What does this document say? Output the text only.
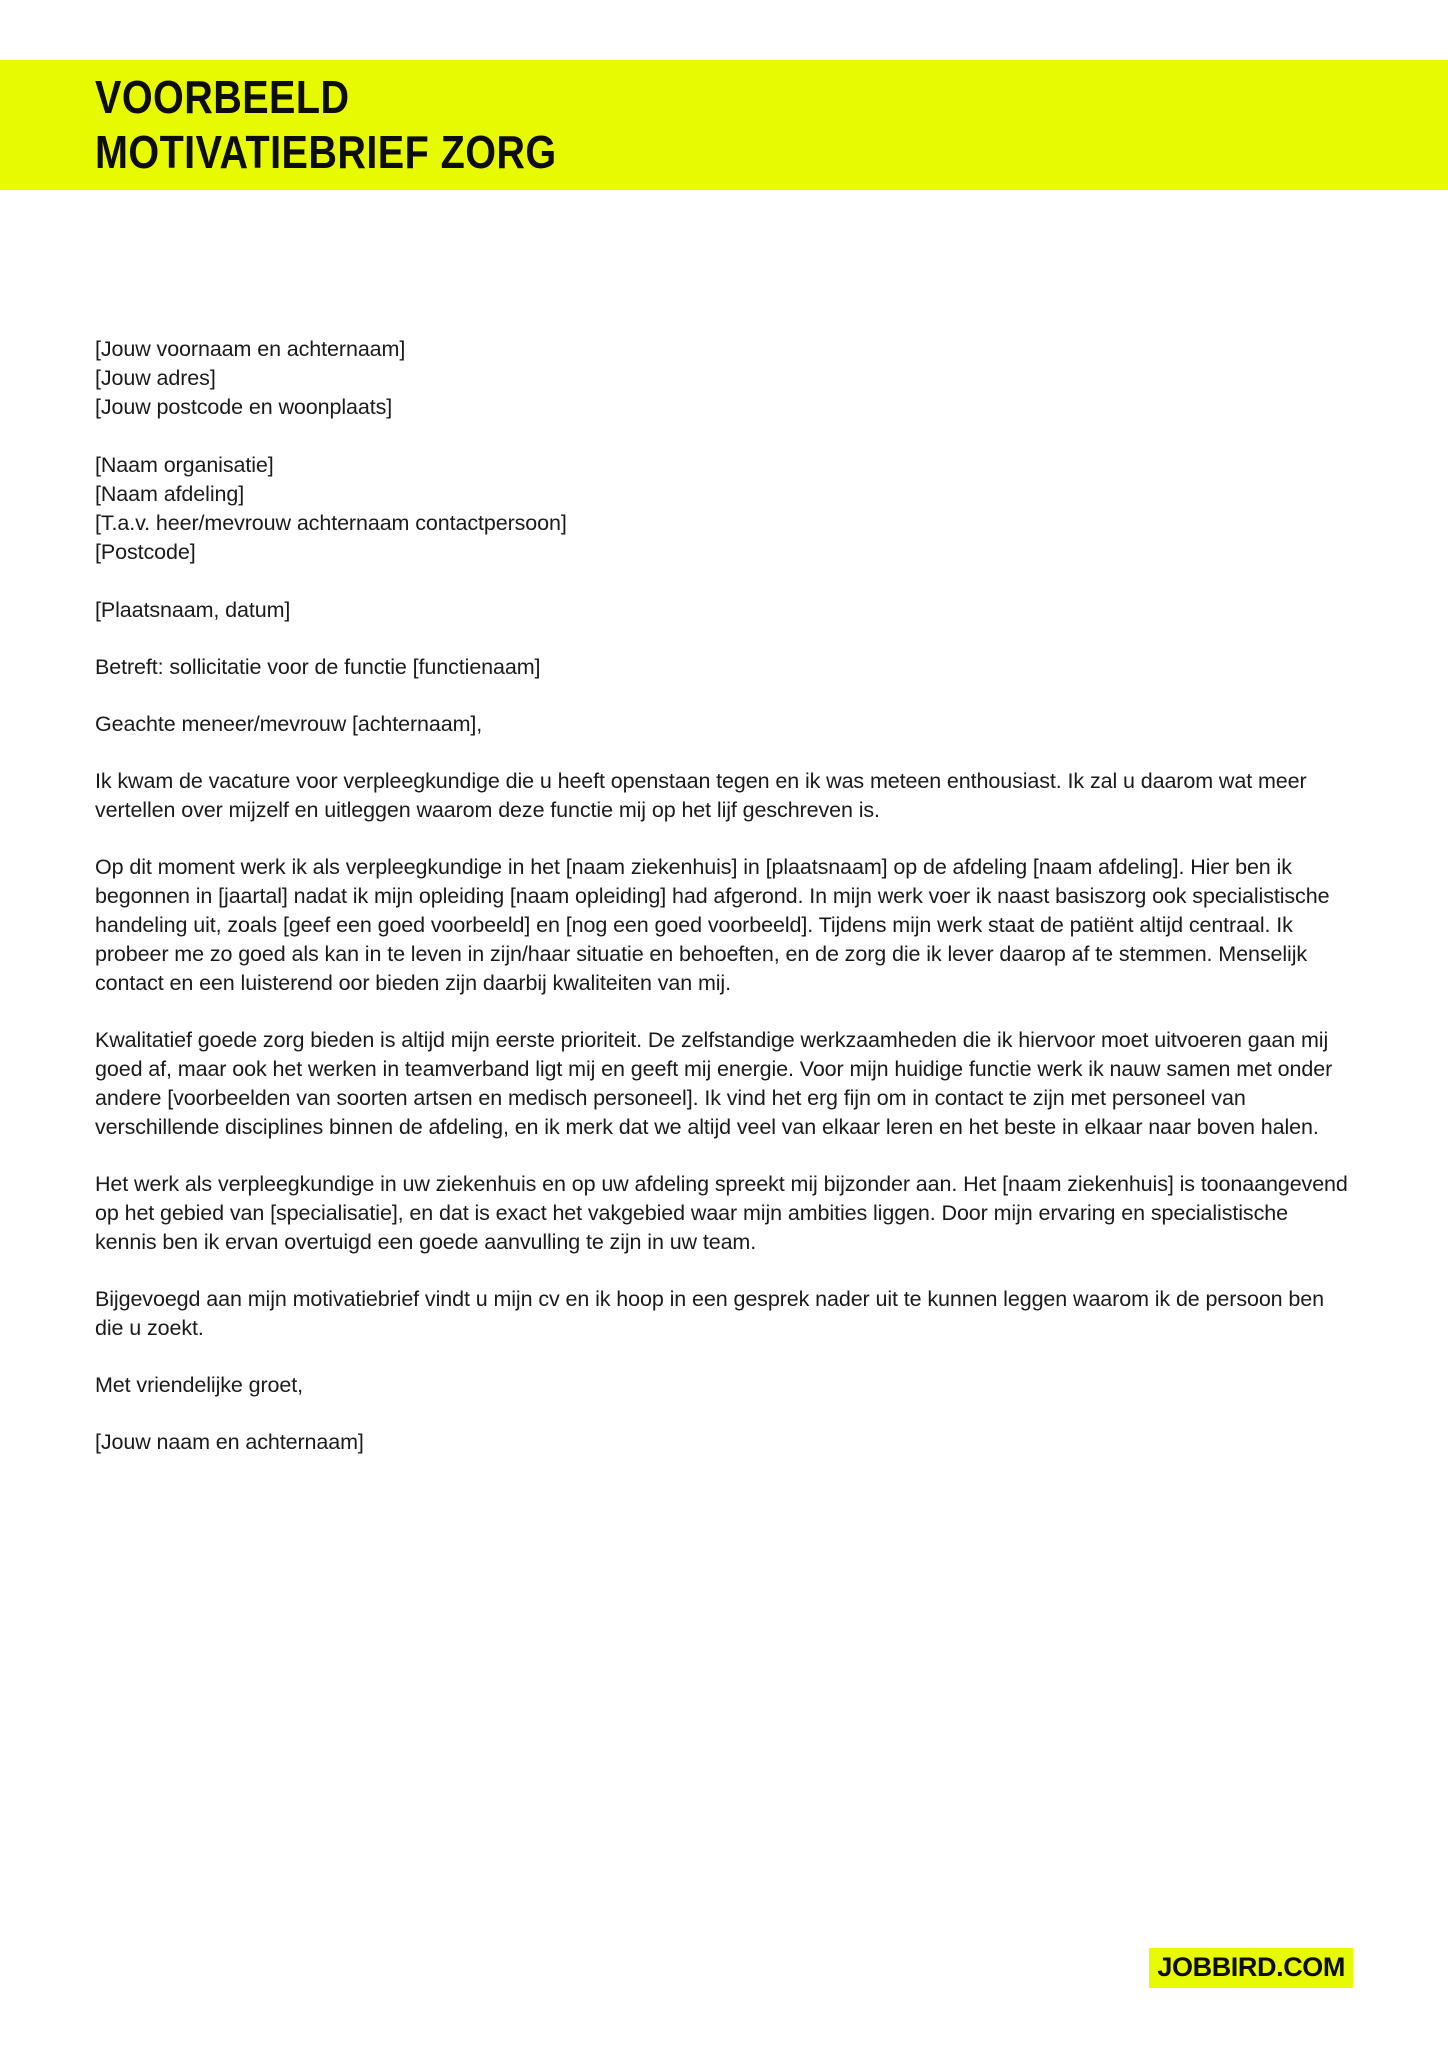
VOORBEELD
MOTIVATIEBRIEF ZORG
[Jouw voornaam en achternaam]
[Jouw adres]
[Jouw postcode en woonplaats]
[Naam organisatie]
[Naam afdeling]
[T.a.v. heer/mevrouw achternaam contactpersoon]
[Postcode]

[Plaatsnaam, datum]

Betreft: sollicitatie voor de functie [functienaam]

Geachte meneer/mevrouw [achternaam],

Ik kwam de vacature voor verpleegkundige die u heeft openstaan tegen en ik was meteen enthousiast. Ik zal u daarom wat meer vertellen over mijzelf en uitleggen waarom deze functie mij op het lijf geschreven is.

Op dit moment werk ik als verpleegkundige in het [naam ziekenhuis] in [plaatsnaam] op de afdeling [naam afdeling]. Hier ben ik begonnen in [jaartal] nadat ik mijn opleiding [naam opleiding] had afgerond. In mijn werk voer ik naast basiszorg ook specialistische handeling uit, zoals [geef een goed voorbeeld] en [nog een goed voorbeeld]. Tijdens mijn werk staat de patiënt altijd centraal. Ik probeer me zo goed als kan in te leven in zijn/haar situatie en behoeften, en de zorg die ik lever daarop af te stemmen. Menselijk contact en een luisterend oor bieden zijn daarbij kwaliteiten van mij.

Kwalitatief goede zorg bieden is altijd mijn eerste prioriteit. De zelfstandige werkzaamheden die ik hiervoor moet uitvoeren gaan mij goed af, maar ook het werken in teamverband ligt mij en geeft mij energie. Voor mijn huidige functie werk ik nauw samen met onder andere [voorbeelden van soorten artsen en medisch personeel]. Ik vind het erg fijn om in contact te zijn met personeel van verschillende disciplines binnen de afdeling, en ik merk dat we altijd veel van elkaar leren en het beste in elkaar naar boven halen.

Het werk als verpleegkundige in uw ziekenhuis en op uw afdeling spreekt mij bijzonder aan. Het [naam ziekenhuis] is toonaangevend op het gebied van [specialisatie], en dat is exact het vakgebied waar mijn ambities liggen. Door mijn ervaring en specialistische kennis ben ik ervan overtuigd een goede aanvulling te zijn in uw team.

Bijgevoegd aan mijn motivatiebrief vindt u mijn cv en ik hoop in een gesprek nader uit te kunnen leggen waarom ik de persoon ben die u zoekt.

Met vriendelijke groet,

[Jouw naam en achternaam]

JOBBIRD.COM
